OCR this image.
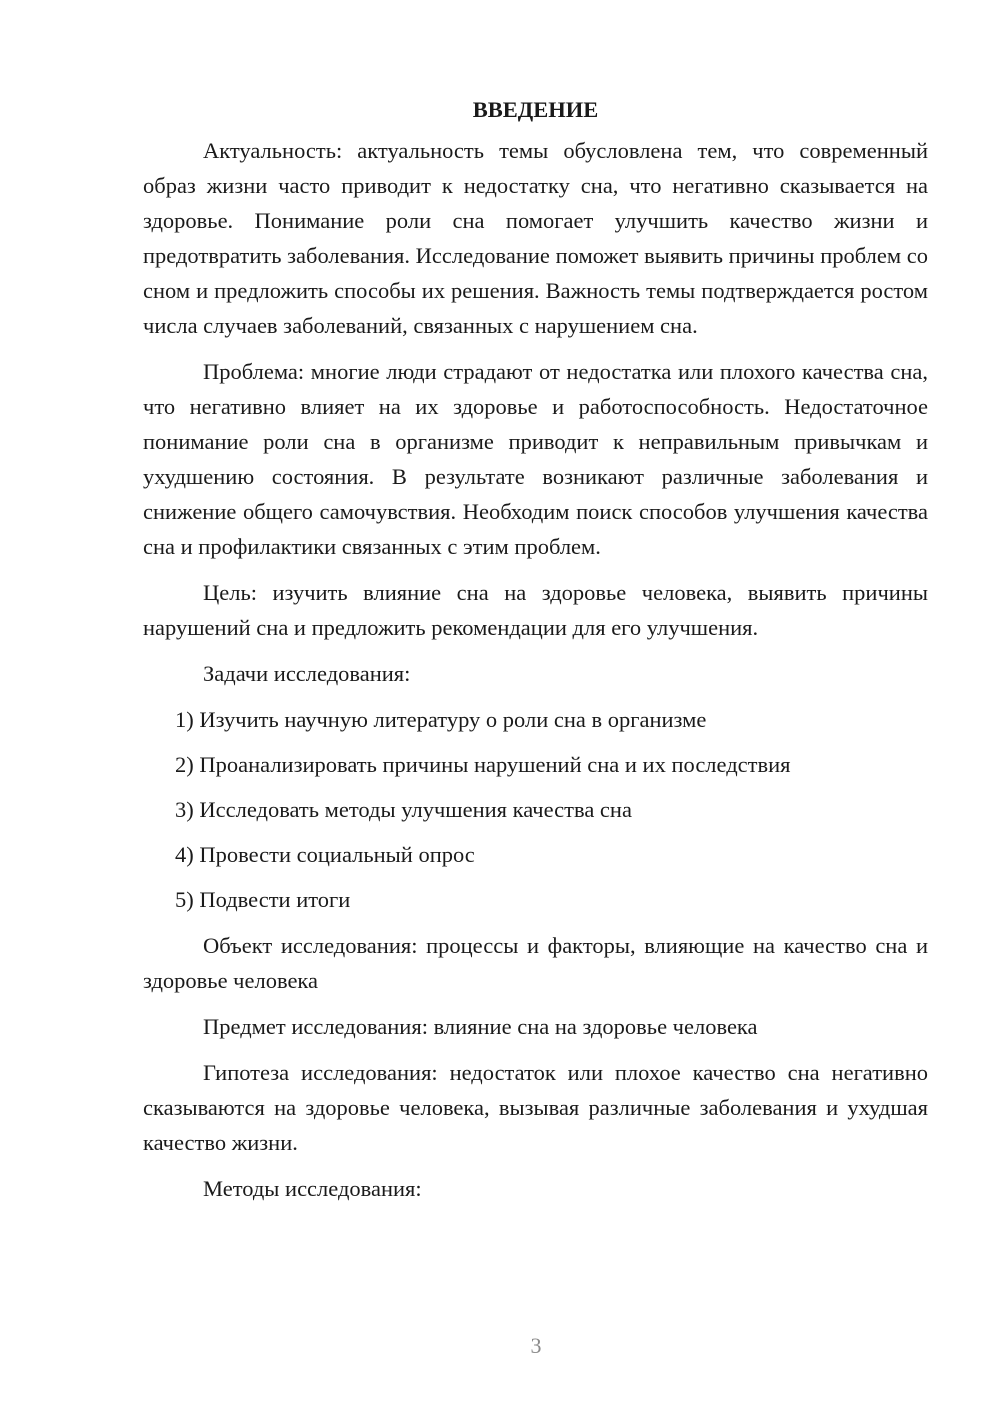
ВВЕДЕНИЕ

Актуальность: актуальность темы обусловлена тем, что современный образ жизни часто приводит к недостатку сна, что негативно сказывается на здоровье. Понимание роли сна помогает улучшить качество жизни и предотвратить заболевания. Исследование поможет выявить причины проблем со сном и предложить способы их решения. Важность темы подтверждается ростом числа случаев заболеваний, связанных с нарушением сна.

Проблема: многие люди страдают от недостатка или плохого качества сна, что негативно влияет на их здоровье и работоспособность. Недостаточное понимание роли сна в организме приводит к неправильным привычкам и ухудшению состояния. В результате возникают различные заболевания и снижение общего самочувствия. Необходим поиск способов улучшения качества сна и профилактики связанных с этим проблем.

Цель: изучить влияние сна на здоровье человека, выявить причины нарушений сна и предложить рекомендации для его улучшения.

Задачи исследования:

1) Изучить научную литературу о роли сна в организме
2) Проанализировать причины нарушений сна и их последствия
3) Исследовать методы улучшения качества сна
4) Провести социальный опрос
5) Подвести итоги

Объект исследования: процессы и факторы, влияющие на качество сна и здоровье человека

Предмет исследования: влияние сна на здоровье человека

Гипотеза исследования: недостаток или плохое качество сна негативно сказываются на здоровье человека, вызывая различные заболевания и ухудшая качество жизни.

Методы исследования:

3
